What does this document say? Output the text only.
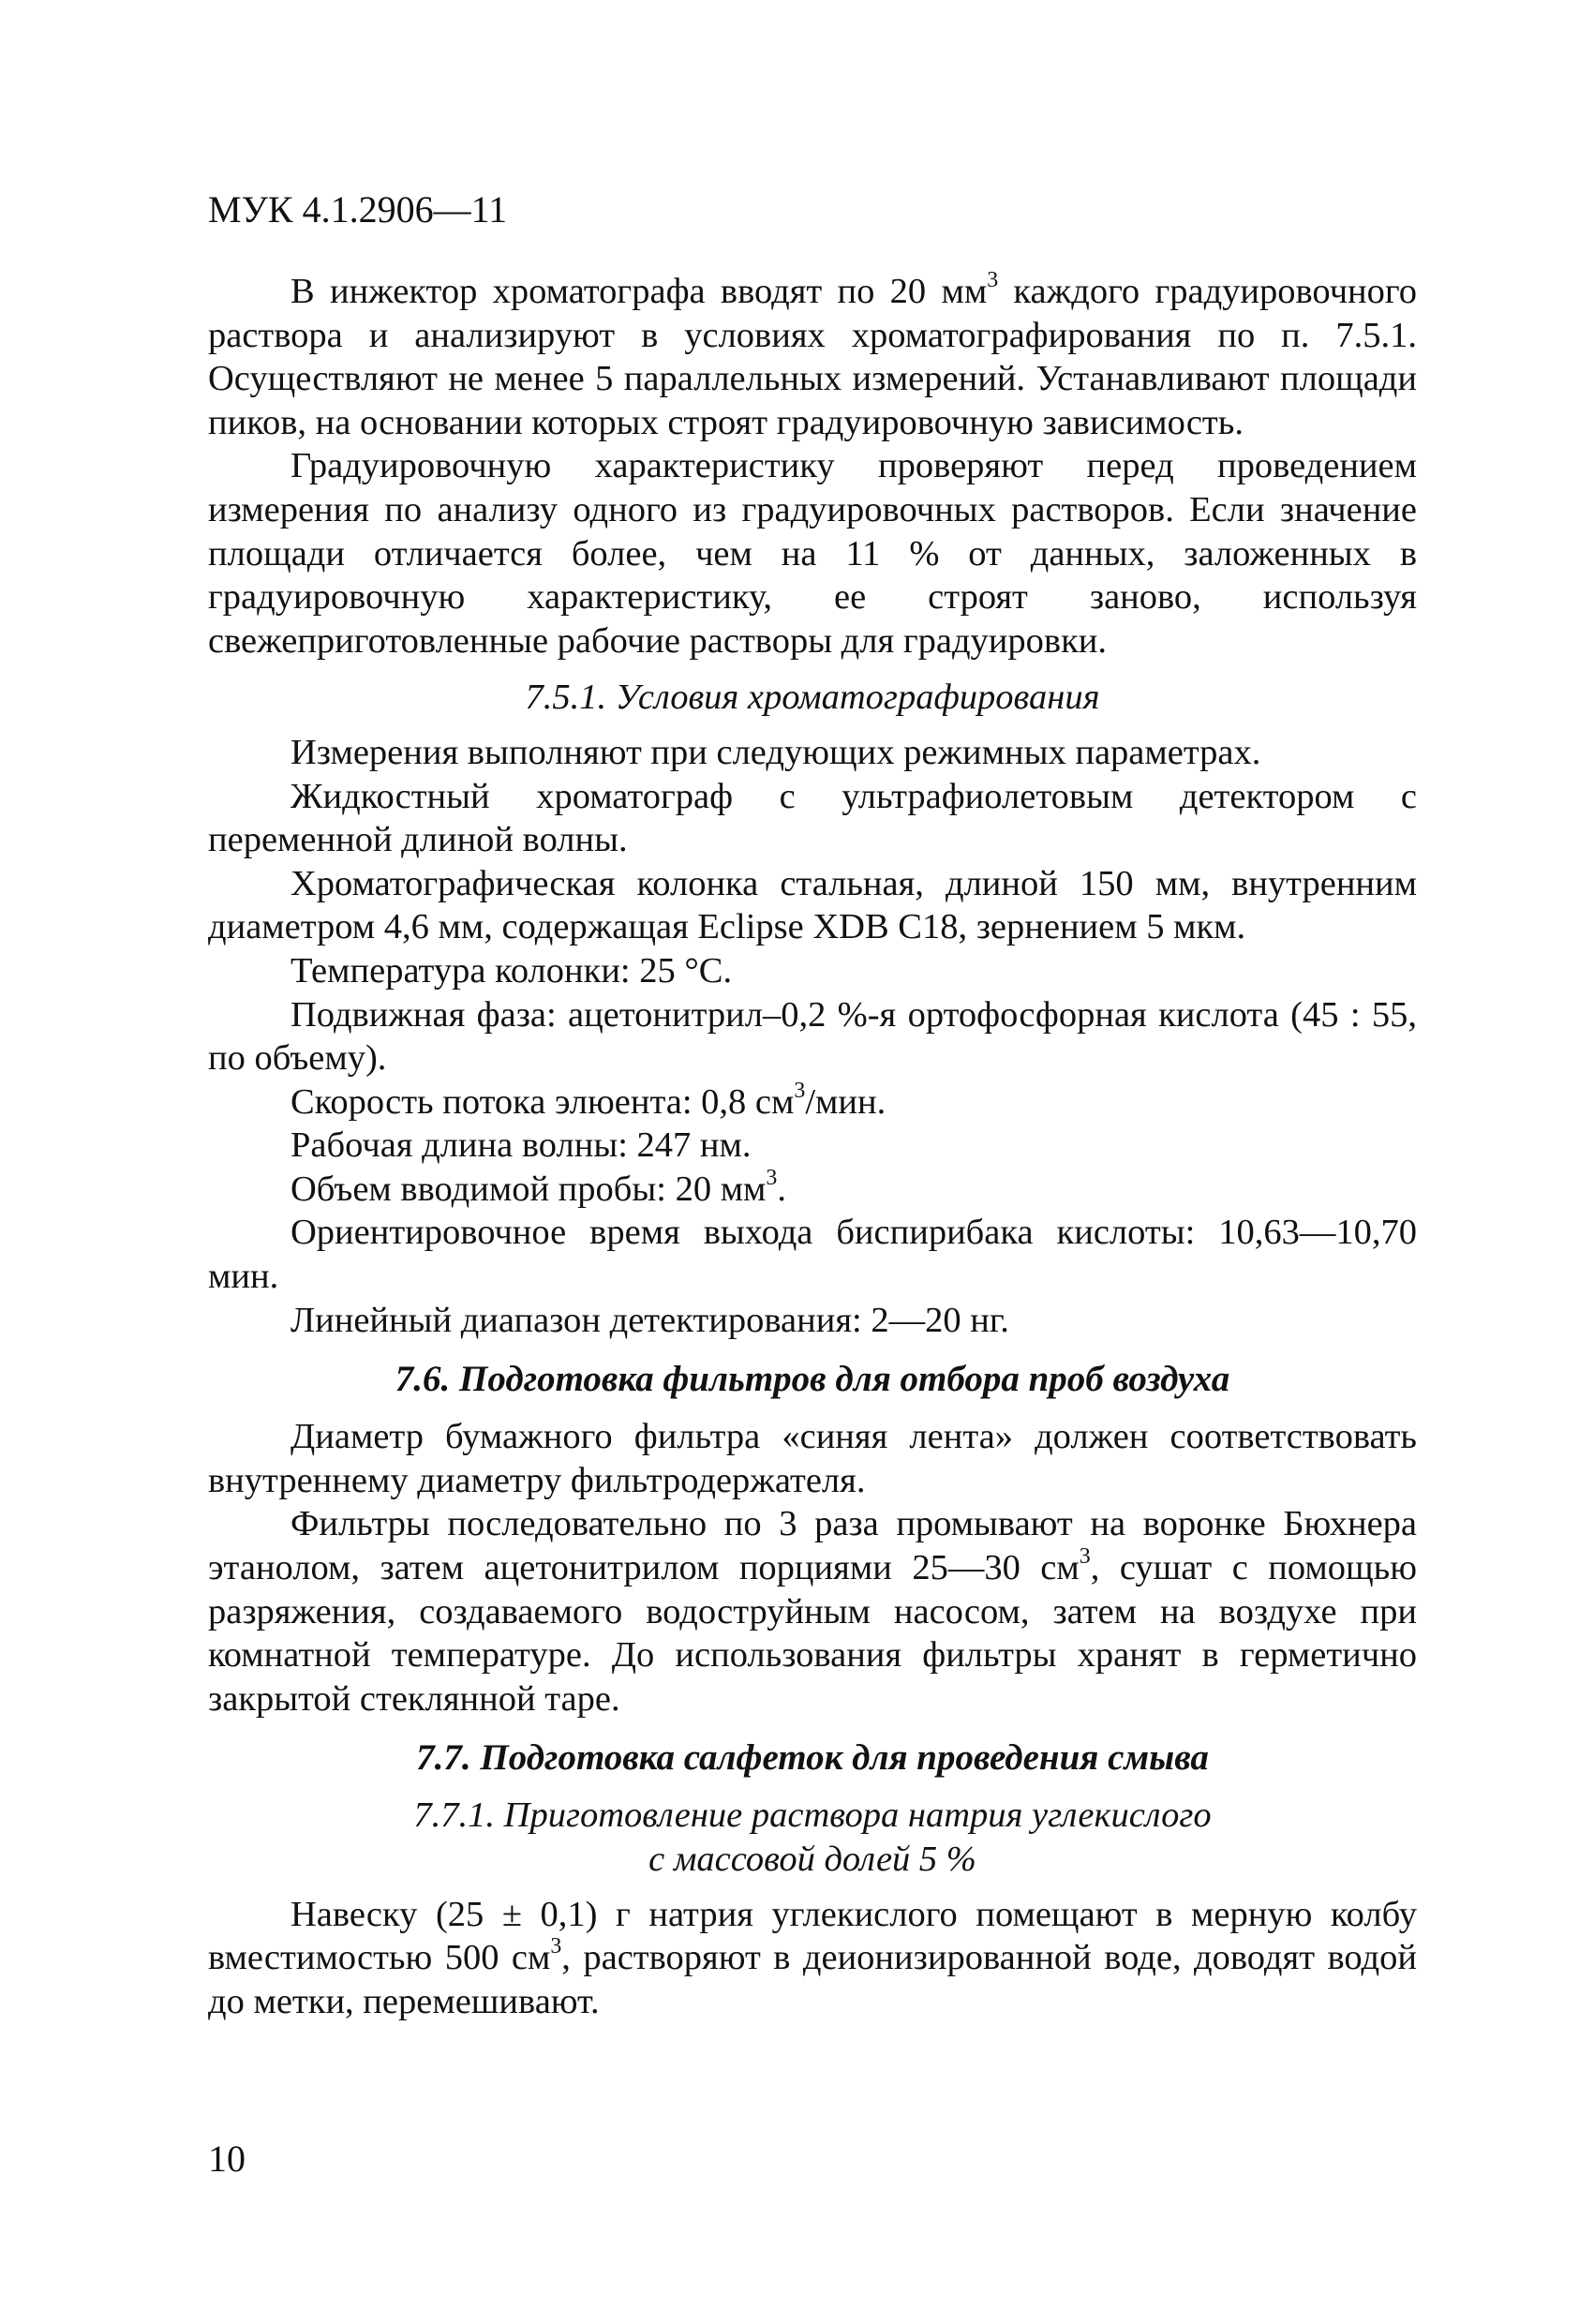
МУК 4.1.2906—11

В инжектор хроматографа вводят по 20 $мм^3$ каждого градуировочного раствора и анализируют в условиях хроматографирования по п. 7.5.1. Осуществляют не менее 5 параллельных измерений. Устанавливают площади пиков, на основании которых строят градуировочную зависимость.

Градуировочную характеристику проверяют перед проведением измерения по анализу одного из градуировочных растворов. Если значение площади отличается более, чем на 11 % от данных, заложенных в градуировочную характеристику, ее строят заново, используя свежеприготовленные рабочие растворы для градуировки.

7.5.1. Условия хроматографирования

Измерения выполняют при следующих режимных параметрах.

Жидкостный хроматограф с ультрафиолетовым детектором с переменной длиной волны.

Хроматографическая колонка стальная, длиной 150 мм, внутренним диаметром 4,6 мм, содержащая Eclipse XDB C18, зернением 5 мкм.

Температура колонки: 25 °С.

Подвижная фаза: ацетонитрил–0,2 %-я ортофосфорная кислота (45 : 55, по объему).

Скорость потока элюента: 0,8 $см^3$/мин.

Рабочая длина волны: 247 нм.

Объем вводимой пробы: 20 $мм^3$.

Ориентировочное время выхода биспирибака кислоты: 10,63—10,70 мин.

Линейный диапазон детектирования: 2—20 нг.

7.6. Подготовка фильтров для отбора проб воздуха

Диаметр бумажного фильтра «синяя лента» должен соответствовать внутреннему диаметру фильтродержателя.

Фильтры последовательно по 3 раза промывают на воронке Бюхнера этанолом, затем ацетонитрилом порциями 25—30 $см^3$, сушат с помощью разряжения, создаваемого водоструйным насосом, затем на воздухе при комнатной температуре. До использования фильтры хранят в герметично закрытой стеклянной таре.

7.7. Подготовка салфеток для проведения смыва
7.7.1. Приготовление раствора натрия углекислого
с массовой долей 5 %

Навеску (25 ± 0,1) г натрия углекислого помещают в мерную колбу вместимостью 500 $см^3$, растворяют в деионизированной воде, доводят водой до метки, перемешивают.

10
